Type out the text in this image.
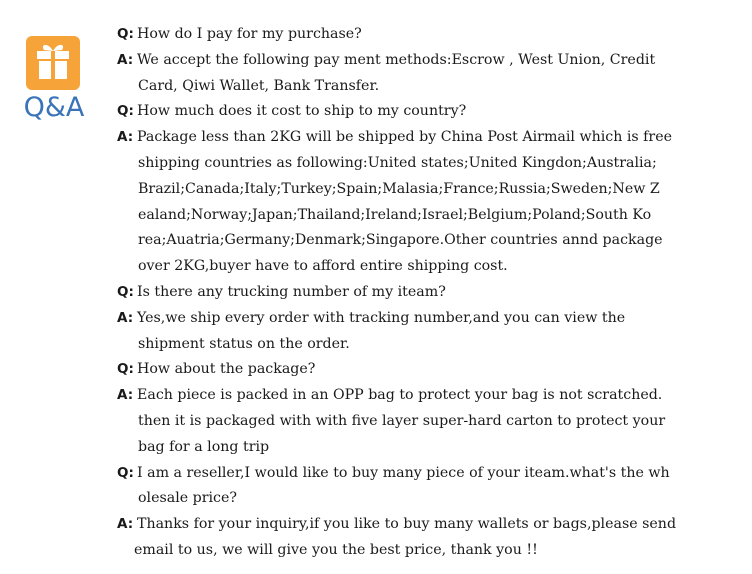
Q&A
Q: How do I pay for my purchase?
A: We accept the following pay ment methods:Escrow , West Union, Credit
Card, Qiwi Wallet, Bank Transfer.
Q: How much does it cost to ship to my country?
A: Package less than 2KG will be shipped by China Post Airmail which is free
shipping countries as following:United states;United Kingdon;Australia;
Brazil;Canada;Italy;Turkey;Spain;Malasia;France;Russia;Sweden;New Z
ealand;Norway;Japan;Thailand;Ireland;Israel;Belgium;Poland;South Ko
rea;Auatria;Germany;Denmark;Singapore.Other countries annd package
over 2KG,buyer have to afford entire shipping cost.
Q: Is there any trucking number of my iteam?
A: Yes,we ship every order with tracking number,and you can view the
shipment status on the order.
Q: How about the package?
A: Each piece is packed in an OPP bag to protect your bag is not scratched.
then it is packaged with with five layer super-hard carton to protect your
bag for a long trip
Q: I am a reseller,I would like to buy many piece of your iteam.what's the wh
olesale price?
A: Thanks for your inquiry,if you like to buy many wallets or bags,please send
email to us, we will give you the best price, thank you !!
